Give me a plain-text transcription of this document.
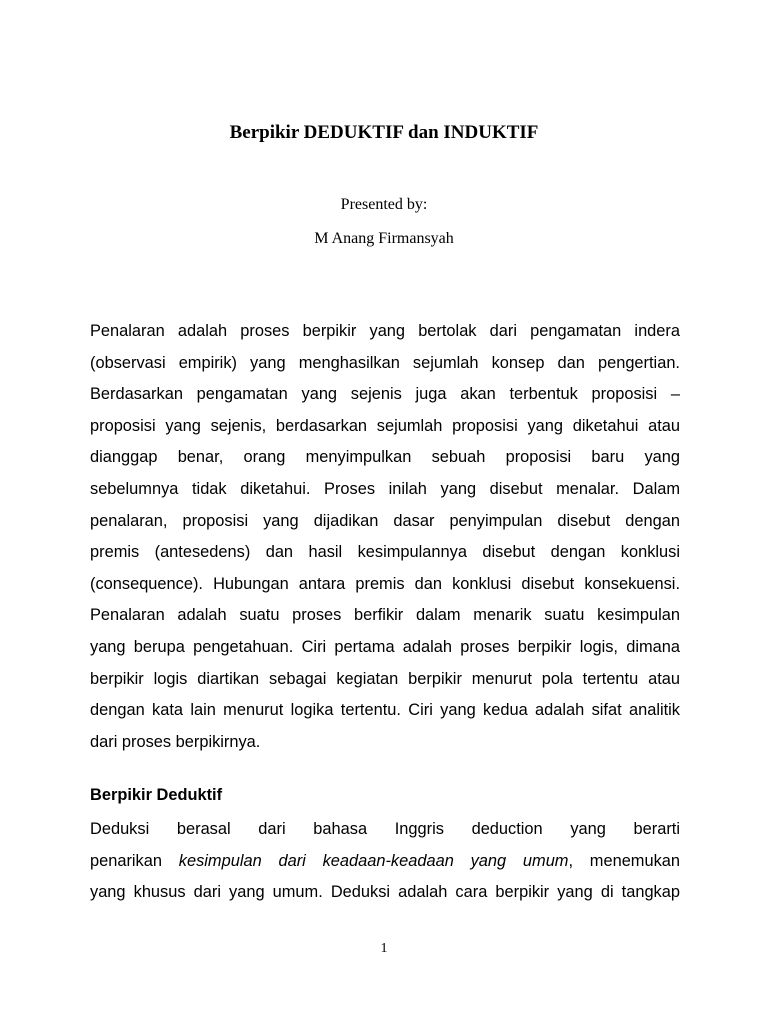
Berpikir DEDUKTIF dan INDUKTIF
Presented by:
M Anang Firmansyah
Penalaran adalah proses berpikir yang bertolak dari pengamatan indera
(observasi empirik) yang menghasilkan sejumlah konsep dan pengertian.
Berdasarkan pengamatan yang sejenis juga akan terbentuk proposisi –
proposisi yang sejenis, berdasarkan sejumlah proposisi yang diketahui atau
dianggap benar, orang menyimpulkan sebuah proposisi baru yang
sebelumnya tidak diketahui. Proses inilah yang disebut menalar. Dalam
penalaran, proposisi yang dijadikan dasar penyimpulan disebut dengan
premis (antesedens) dan hasil kesimpulannya disebut dengan konklusi
(consequence). Hubungan antara premis dan konklusi disebut konsekuensi.
Penalaran adalah suatu proses berfikir dalam menarik suatu kesimpulan
yang berupa pengetahuan. Ciri pertama adalah proses berpikir logis, dimana
berpikir logis diartikan sebagai kegiatan berpikir menurut pola tertentu atau
dengan kata lain menurut logika tertentu. Ciri yang kedua adalah sifat analitik
dari proses berpikirnya.
Berpikir Deduktif
Deduksi berasal dari bahasa Inggris deduction yang berarti
penarikan kesimpulan dari keadaan-keadaan yang umum, menemukan
yang khusus dari yang umum. Deduksi adalah cara berpikir yang di tangkap
1
